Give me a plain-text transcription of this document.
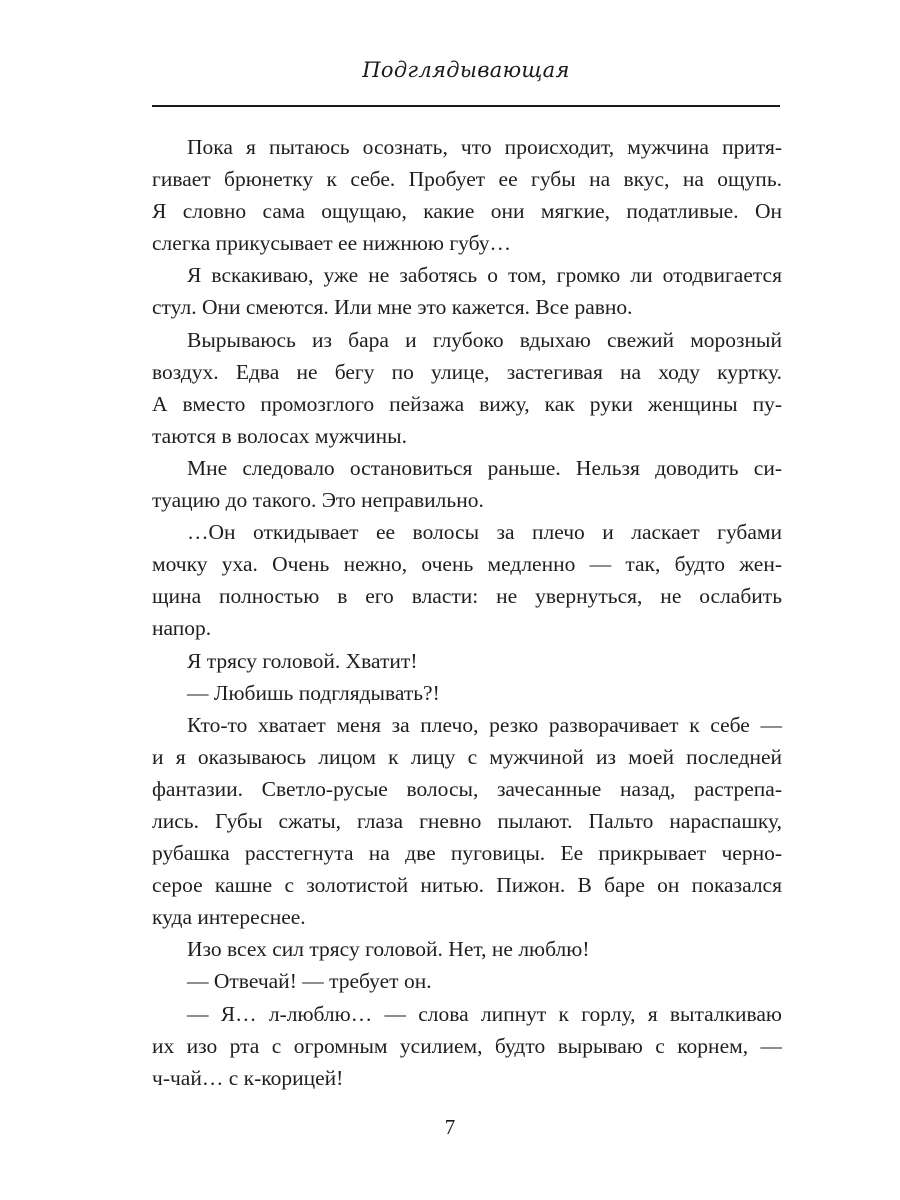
Подглядывающая
Пока я пытаюсь осознать, что происходит, мужчина притя-
гивает брюнетку к себе. Пробует ее губы на вкус, на ощупь.
Я словно сама ощущаю, какие они мягкие, податливые. Он
слегка прикусывает ее нижнюю губу…
Я вскакиваю, уже не заботясь о том, громко ли отодвигается
стул. Они смеются. Или мне это кажется. Все равно.
Вырываюсь из бара и глубоко вдыхаю свежий морозный
воздух. Едва не бегу по улице, застегивая на ходу куртку.
А вместо промозглого пейзажа вижу, как руки женщины пу-
таются в волосах мужчины.
Мне следовало остановиться раньше. Нельзя доводить си-
туацию до такого. Это неправильно.
…Он откидывает ее волосы за плечо и ласкает губами
мочку уха. Очень нежно, очень медленно — так, будто жен-
щина полностью в его власти: не увернуться, не ослабить
напор.
Я трясу головой. Хватит!
— Любишь подглядывать?!
Кто-то хватает меня за плечо, резко разворачивает к себе —
и я оказываюсь лицом к лицу с мужчиной из моей последней
фантазии. Светло-русые волосы, зачесанные назад, растрепа-
лись. Губы сжаты, глаза гневно пылают. Пальто нараспашку,
рубашка расстегнута на две пуговицы. Ее прикрывает черно-
серое кашне с золотистой нитью. Пижон. В баре он показался
куда интереснее.
Изо всех сил трясу головой. Нет, не люблю!
— Отвечай! — требует он.
— Я… л-люблю… — слова липнут к горлу, я выталкиваю
их изо рта с огромным усилием, будто вырываю с корнем, —
ч-чай… с к-корицей!
7
